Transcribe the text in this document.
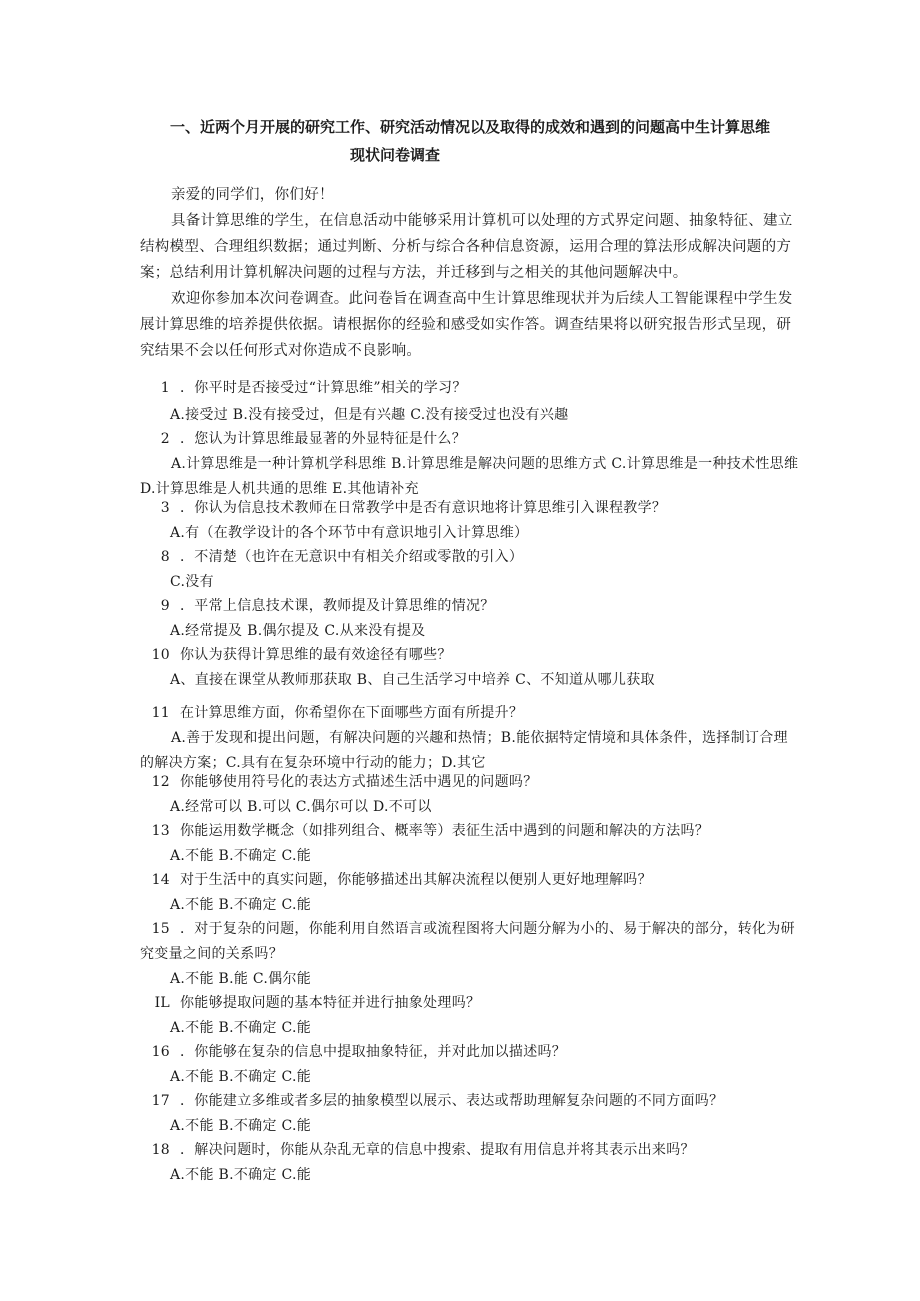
一、近两个月开展的研究工作、研究活动情况以及取得的成效和遇到的问题高中生计算思维
现状问卷调查
亲爱的同学们，你们好！
具备计算思维的学生，在信息活动中能够采用计算机可以处理的方式界定问题、抽象特征、建立结构模型、合理组织数据；通过判断、分析与综合各种信息资源，运用合理的算法形成解决问题的方案；总结利用计算机解决问题的过程与方法，并迁移到与之相关的其他问题解决中。
欢迎你参加本次问卷调查。此问卷旨在调查高中生计算思维现状并为后续人工智能课程中学生发展计算思维的培养提供依据。请根据你的经验和感受如实作答。调查结果将以研究报告形式呈现，研究结果不会以任何形式对你造成不良影响。
1 ．你平时是否接受过“计算思维”相关的学习？
A.接受过 B.没有接受过，但是有兴趣 C.没有接受过也没有兴趣
2 ．您认为计算思维最显著的外显特征是什么？
A.计算思维是一种计算机学科思维 B.计算思维是解决问题的思维方式 C.计算思维是一种技术性思维 D.计算思维是人机共通的思维 E.其他请补充
3 ．你认为信息技术教师在日常教学中是否有意识地将计算思维引入课程教学？
A.有（在教学设计的各个环节中有意识地引入计算思维）
8 ．不清楚（也许在无意识中有相关介绍或零散的引入）
C.没有
9 ．平常上信息技术课，教师提及计算思维的情况？
A.经常提及 B.偶尔提及 C.从来没有提及
10 你认为获得计算思维的最有效途径有哪些？
A、直接在课堂从教师那获取 B、自己生活学习中培养 C、不知道从哪儿获取
11 在计算思维方面，你希望你在下面哪些方面有所提升？
A.善于发现和提出问题，有解决问题的兴趣和热情；B.能依据特定情境和具体条件，选择制订合理的解决方案；C.具有在复杂环境中行动的能力；D.其它
12 你能够使用符号化的表达方式描述生活中遇见的问题吗？
A.经常可以 B.可以 C.偶尔可以 D.不可以
13 你能运用数学概念（如排列组合、概率等）表征生活中遇到的问题和解决的方法吗？
A.不能 B.不确定 C.能
14 对于生活中的真实问题，你能够描述出其解决流程以便别人更好地理解吗？
A.不能 B.不确定 C.能
15 ．对于复杂的问题，你能利用自然语言或流程图将大问题分解为小的、易于解决的部分，转化为研究变量之间的关系吗？
A.不能 B.能 C.偶尔能
IL 你能够提取问题的基本特征并进行抽象处理吗？
A.不能 B.不确定 C.能
16 ．你能够在复杂的信息中提取抽象特征，并对此加以描述吗？
A.不能 B.不确定 C.能
17 ．你能建立多维或者多层的抽象模型以展示、表达或帮助理解复杂问题的不同方面吗？
A.不能 B.不确定 C.能
18 ．解决问题时，你能从杂乱无章的信息中搜索、提取有用信息并将其表示出来吗？
A.不能 B.不确定 C.能
